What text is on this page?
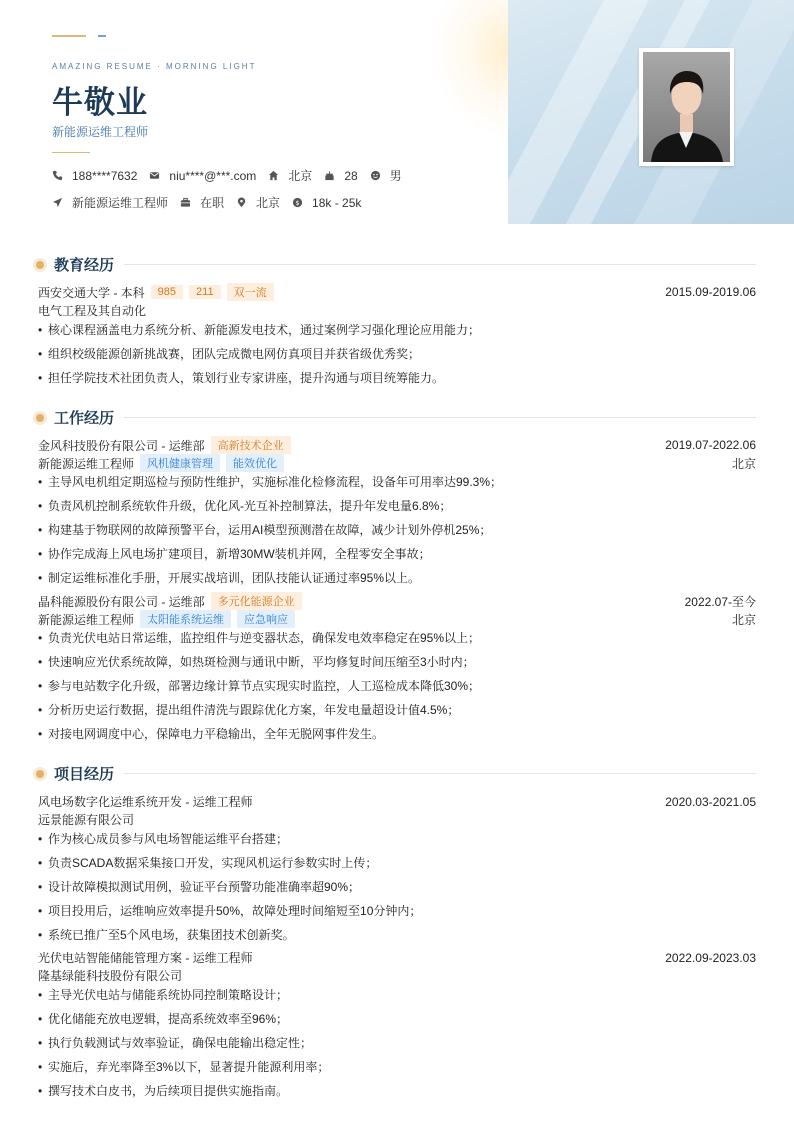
AMAZING RESUME · MORNING LIGHT
牛敬业
新能源运维工程师
188****7632	niu****@***.com	北京	28	男
新能源运维工程师	在职	北京 $ 18k - 25k
教育经历
西安交通大学 - 本科	985	211	双一流	2015.09-2019.06
电气工程及其自动化
• 核心课程涵盖电力系统分析、新能源发电技术，通过案例学习强化理论应用能力；
• 组织校级能源创新挑战赛，团队完成微电网仿真项目并获省级优秀奖；
• 担任学院技术社团负责人，策划行业专家讲座，提升沟通与项目统筹能力。
工作经历
金风科技股份有限公司 - 运维部	高新技术企业	2019.07-2022.06
新能源运维工程师	风机健康管理	能效优化	北京
• 主导风电机组定期巡检与预防性维护，实施标准化检修流程，设备年可用率达99.3%；
• 负责风机控制系统软件升级，优化风-光互补控制算法，提升年发电量6.8%；
• 构建基于物联网的故障预警平台，运用AI模型预测潜在故障，减少计划外停机25%；
• 协作完成海上风电场扩建项目，新增30MW装机并网，全程零安全事故；
• 制定运维标准化手册，开展实战培训，团队技能认证通过率95%以上。
晶科能源股份有限公司 - 运维部	多元化能源企业	2022.07-至今
新能源运维工程师	太阳能系统运维	应急响应	北京
• 负责光伏电站日常运维，监控组件与逆变器状态，确保发电效率稳定在95%以上；
• 快速响应光伏系统故障，如热斑检测与通讯中断，平均修复时间压缩至3小时内；
• 参与电站数字化升级，部署边缘计算节点实现实时监控，人工巡检成本降低30%；
• 分析历史运行数据，提出组件清洗与跟踪优化方案，年发电量超设计值4.5%；
• 对接电网调度中心，保障电力平稳输出，全年无脱网事件发生。
项目经历
风电场数字化运维系统开发 - 运维工程师	2020.03-2021.05
远景能源有限公司
• 作为核心成员参与风电场智能运维平台搭建；
• 负责SCADA数据采集接口开发，实现风机运行参数实时上传；
• 设计故障模拟测试用例，验证平台预警功能准确率超90%；
• 项目投用后，运维响应效率提升50%，故障处理时间缩短至10分钟内；
• 系统已推广至5个风电场，获集团技术创新奖。
光伏电站智能储能管理方案 - 运维工程师	2022.09-2023.03
隆基绿能科技股份有限公司
• 主导光伏电站与储能系统协同控制策略设计；
• 优化储能充放电逻辑，提高系统效率至96%；
• 执行负载测试与效率验证，确保电能输出稳定性；
• 实施后，弃光率降至3%以下，显著提升能源利用率；
• 撰写技术白皮书，为后续项目提供实施指南。
